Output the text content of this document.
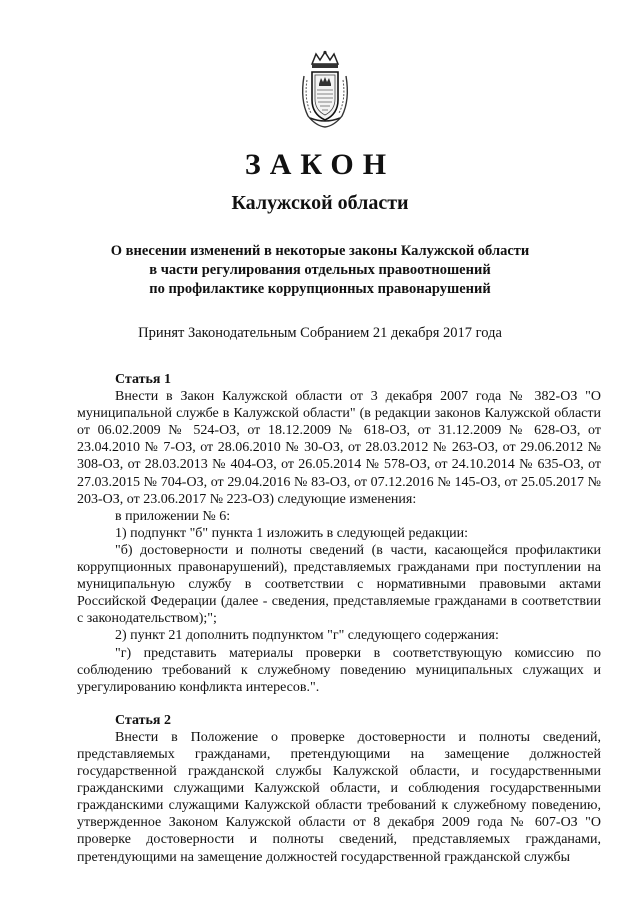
ЗАКОН
Калужской области
О внесении изменений в некоторые законы Калужской области
в части регулирования отдельных правоотношений
по профилактике коррупционных правонарушений
Принят Законодательным Собранием 21 декабря 2017 года

Статья 1

Внести в Закон Калужской области от 3 декабря 2007 года № 382-ОЗ "О муниципальной службе в Калужской области" (в редакции законов Калужской области от 06.02.2009 № 524-ОЗ, от 18.12.2009 № 618-ОЗ, от 31.12.2009 № 628-ОЗ, от 23.04.2010 № 7-ОЗ, от 28.06.2010 № 30-ОЗ, от 28.03.2012 № 263-ОЗ, от 29.06.2012 № 308-ОЗ, от 28.03.2013 № 404-ОЗ, от 26.05.2014 № 578-ОЗ, от 24.10.2014 № 635-ОЗ, от 27.03.2015 № 704-ОЗ, от 29.04.2016 № 83-ОЗ, от 07.12.2016 № 145-ОЗ, от 25.05.2017 № 203-ОЗ, от 23.06.2017 № 223-ОЗ) следующие изменения:

в приложении № 6:

1) подпункт "б" пункта 1 изложить в следующей редакции:

"б) достоверности и полноты сведений (в части, касающейся профилактики коррупционных правонарушений), представляемых гражданами при поступлении на муниципальную службу в соответствии с нормативными правовыми актами Российской Федерации (далее - сведения, представляемые гражданами в соответствии с законодательством);";

2) пункт 21 дополнить подпунктом "г" следующего содержания:

"г) представить материалы проверки в соответствующую комиссию по соблюдению требований к служебному поведению муниципальных служащих и урегулированию конфликта интересов.".

Статья 2

Внести в Положение о проверке достоверности и полноты сведений, представляемых гражданами, претендующими на замещение должностей государственной гражданской службы Калужской области, и государственными гражданскими служащими Калужской области, и соблюдения государственными гражданскими служащими Калужской области требований к служебному поведению, утвержденное Законом Калужской области от 8 декабря 2009 года № 607-ОЗ "О проверке достоверности и полноты сведений, представляемых гражданами, претендующими на замещение должностей государственной гражданской службы
